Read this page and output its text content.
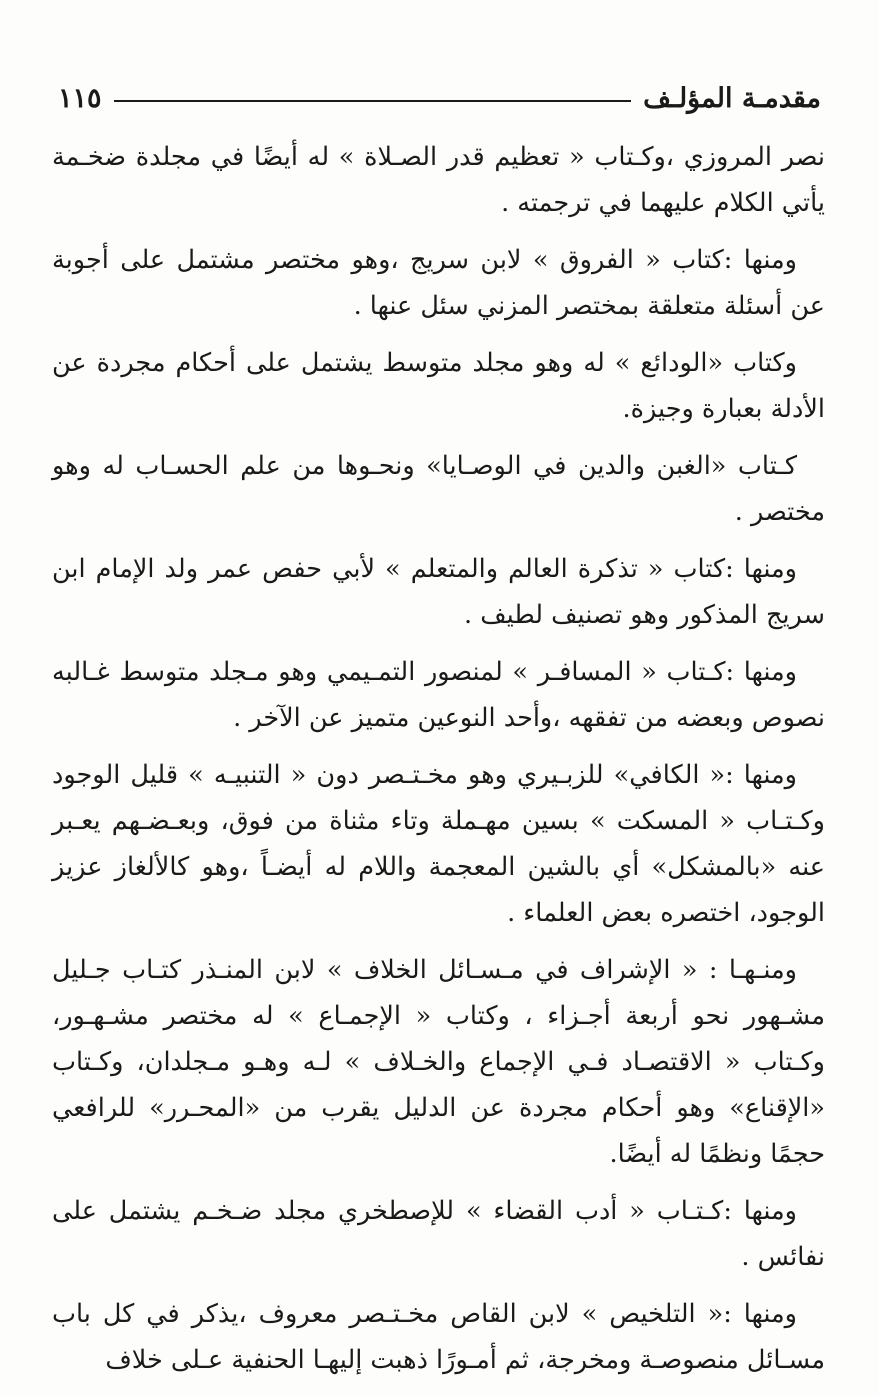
مقدمـة المؤلـف
١١٥

نصر المروزي ،وكـتاب « تعظيم قدر الصـلاة » له أيضًا في مجلدة ضخـمة يأتي الكلام عليهما في ترجمته .

ومنها :كتاب « الفروق » لابن سريج ،وهو مختصر مشتمل على أجوبة عن أسئلة متعلقة بمختصر المزني سئل عنها .

وكتاب «الودائع » له وهو مجلد متوسط يشتمل على أحكام مجردة عن الأدلة بعبارة وجيزة.

كـتاب «الغبن والدين في الوصـايا» ونحـوها من علم الحسـاب له وهو مختصر .

ومنها :كتاب « تذكرة العالم والمتعلم » لأبي حفص عمر ولد الإمام ابن سريج المذكور وهو تصنيف لطيف .

ومنها :كـتاب « المسافـر » لمنصور التمـيمي وهو مـجلد متوسط غـالبه نصوص وبعضه من تفقهه ،وأحد النوعين متميز عن الآخر .

ومنها :« الكافي» للزبـيري وهو مخـتـصر دون « التنبيـه » قليل الوجود وكـتـاب « المسكت » بسين مهـملة وتاء مثناة من فوق، وبعـضـهم يعـبر عنه «بالمشكل» أي بالشين المعجمة واللام له أيضـاً ،وهو كالألغاز عزيز الوجود، اختصره بعض العلماء .

ومنـهـا : « الإشراف في مـسـائل الخلاف » لابن المنـذر كتـاب جـليل مشـهور نحو أربعة أجـزاء ، وكتاب « الإجمـاع » له مختصر مشـهـور، وكـتاب « الاقتصـاد فـي الإجماع والخـلاف » لـه وهـو مـجلدان، وكـتاب «الإقناع» وهو أحكام مجردة عن الدليل يقرب من «المحـرر» للرافعي حجمًا ونظمًا له أيضًا.

ومنها :كـتـاب « أدب القضاء » للإصطخري مجلد ضـخـم يشتمل على نفائس .

ومنها :« التلخيص » لابن القاص مخـتـصر معروف ،يذكر في كل باب مسـائل منصوصـة ومخرجة، ثم أمـورًا ذهبت إليهـا الحنفية عـلى خلاف
